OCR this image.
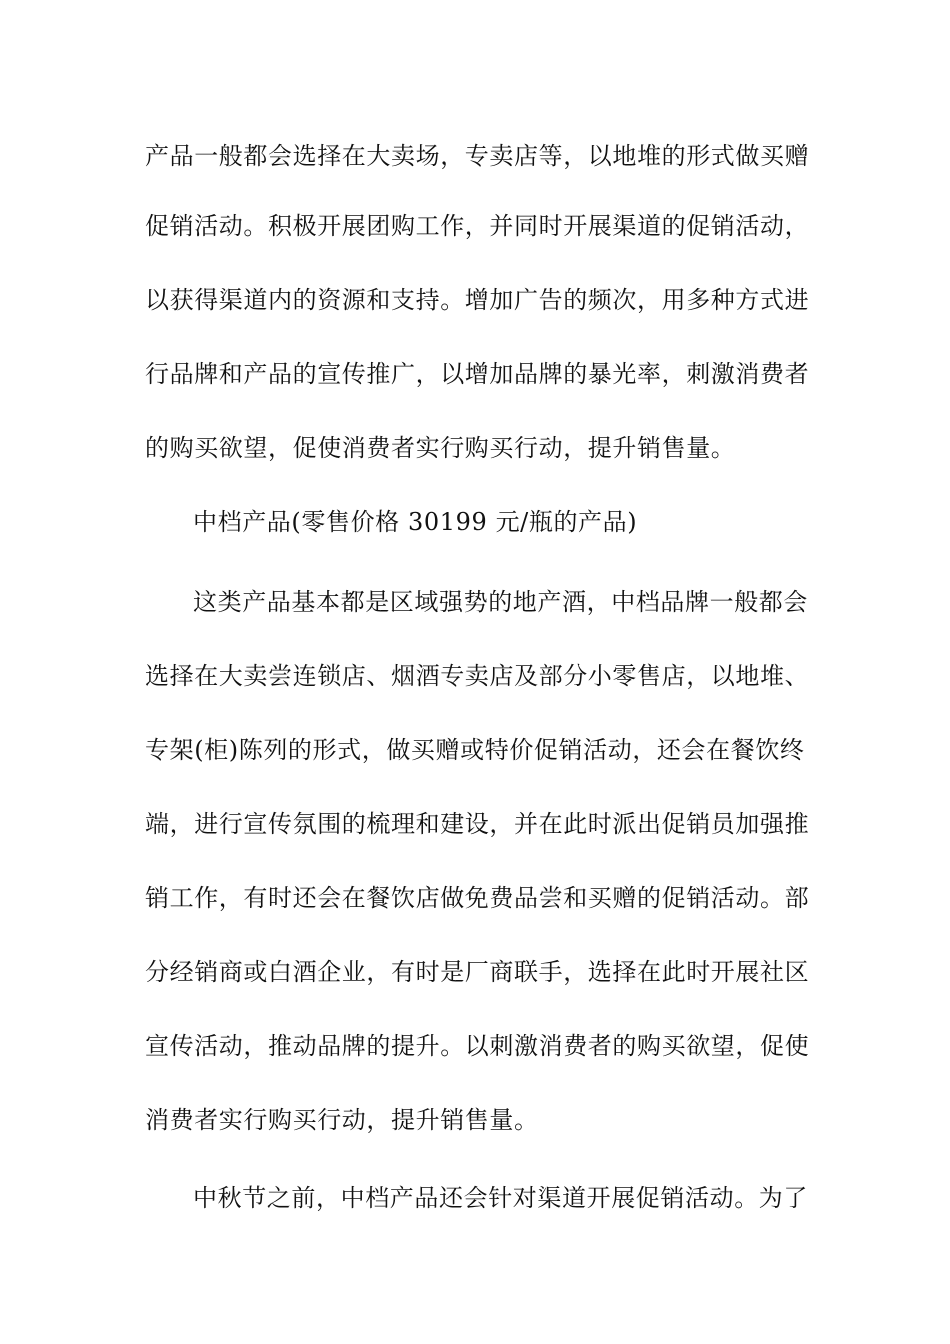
产品一般都会选择在大卖场，专卖店等，以地堆的形式做买赠
促销活动。积极开展团购工作，并同时开展渠道的促销活动，
以获得渠道内的资源和支持。增加广告的频次，用多种方式进
行品牌和产品的宣传推广，以增加品牌的暴光率，刺激消费者
的购买欲望，促使消费者实行购买行动，提升销售量。
中档产品(零售价格 30199 元/瓶的产品)
这类产品基本都是区域强势的地产酒，中档品牌一般都会
选择在大卖尝连锁店、烟酒专卖店及部分小零售店，以地堆、
专架(柜)陈列的形式，做买赠或特价促销活动，还会在餐饮终
端，进行宣传氛围的梳理和建设，并在此时派出促销员加强推
销工作，有时还会在餐饮店做免费品尝和买赠的促销活动。部
分经销商或白酒企业，有时是厂商联手，选择在此时开展社区
宣传活动，推动品牌的提升。以刺激消费者的购买欲望，促使
消费者实行购买行动，提升销售量。
中秋节之前，中档产品还会针对渠道开展促销活动。为了
